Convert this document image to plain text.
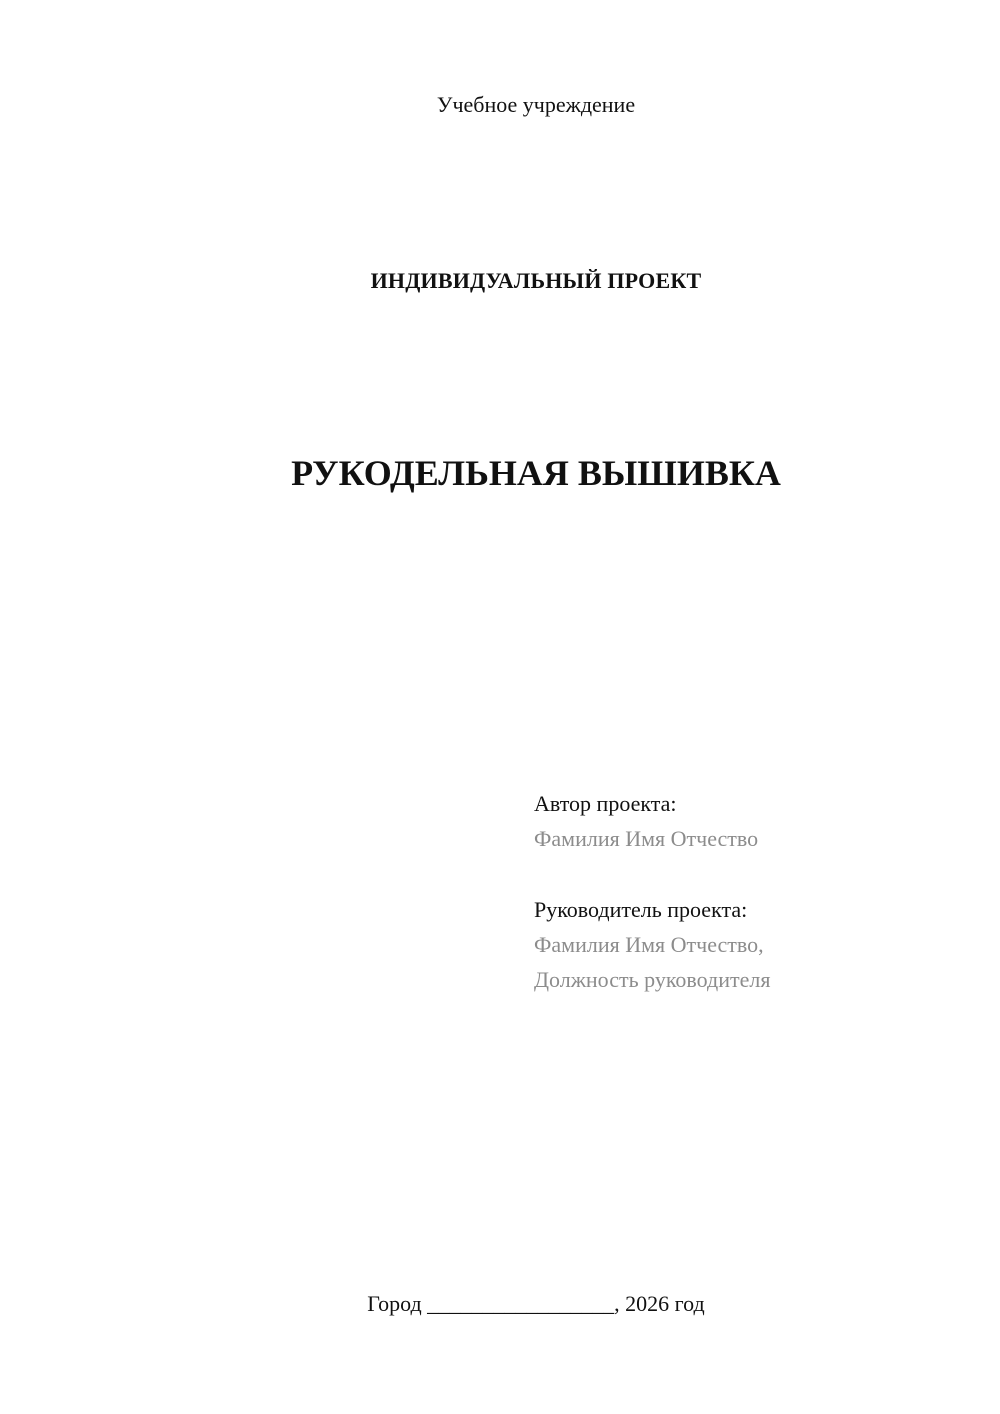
Учебное учреждение
ИНДИВИДУАЛЬНЫЙ ПРОЕКТ
РУКОДЕЛЬНАЯ ВЫШИВКА
Автор проекта:
Фамилия Имя Отчество
Руководитель проекта:
Фамилия Имя Отчество,
Должность руководителя
Город _________________, 2026 год
